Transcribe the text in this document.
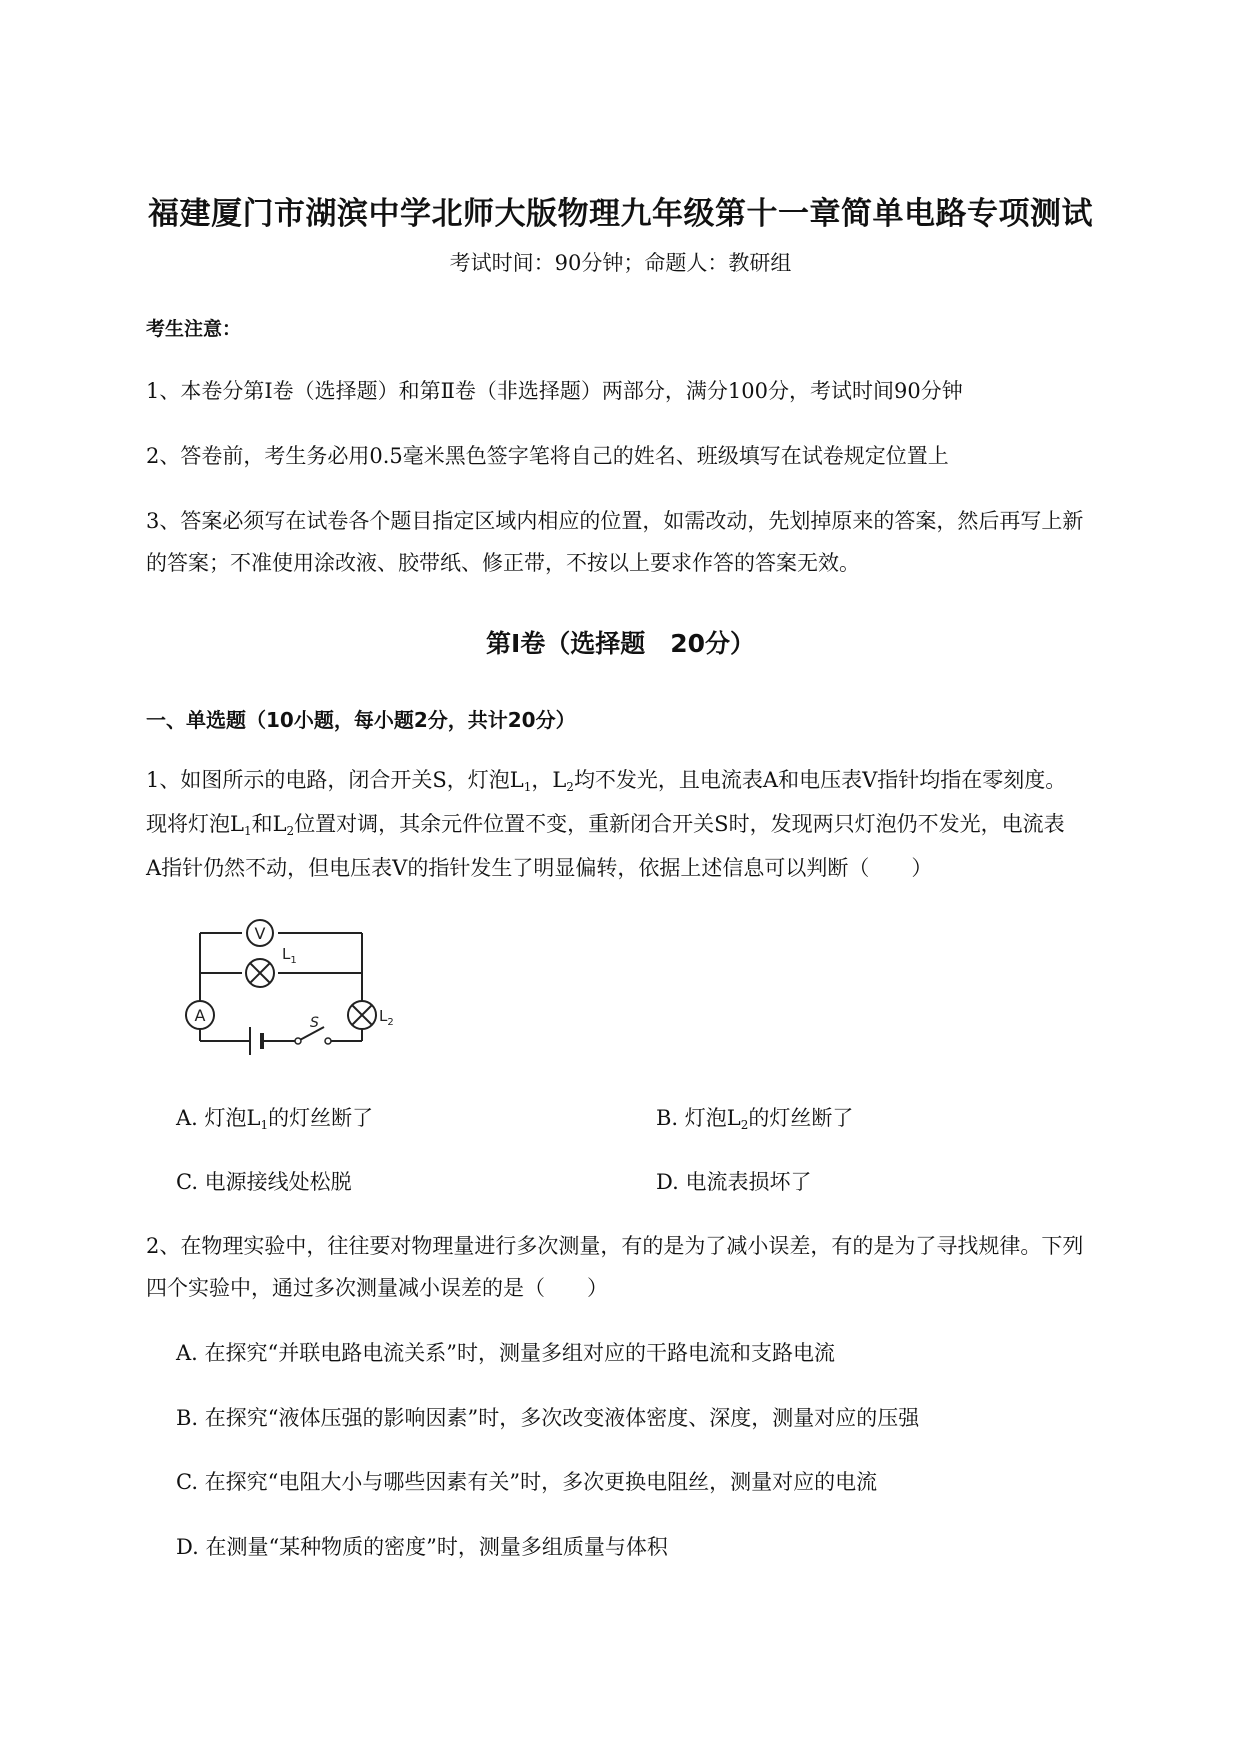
福建厦门市湖滨中学北师大版物理九年级第十一章简单电路专项测试
考试时间：90分钟；命题人：教研组
考生注意：
1、本卷分第Ⅰ卷（选择题）和第Ⅱ卷（非选择题）两部分，满分100分，考试时间90分钟
2、答卷前，考生务必用0.5毫米黑色签字笔将自己的姓名、班级填写在试卷规定位置上
3、答案必须写在试卷各个题目指定区域内相应的位置，如需改动，先划掉原来的答案，然后再写上新
的答案；不准使用涂改液、胶带纸、修正带，不按以上要求作答的答案无效。
第Ⅰ卷（选择题　20分）
一、单选题（10小题，每小题2分，共计20分）
1、如图所示的电路，闭合开关S，灯泡$L_1$，$L_2$均不发光，且电流表A和电压表V指针均指在零刻度。
现将灯泡$L_1$和$L_2$位置对调，其余元件位置不变，重新闭合开关S时，发现两只灯泡仍不发光，电流表
A指针仍然不动，但电压表V的指针发生了明显偏转，依据上述信息可以判断（　　）
V
$L_1$
A	$L_2$
S
A. 灯泡$L_1$的灯丝断了	B. 灯泡$L_2$的灯丝断了
C. 电源接线处松脱	D. 电流表损坏了
2、在物理实验中，往往要对物理量进行多次测量，有的是为了减小误差，有的是为了寻找规律。下列
四个实验中，通过多次测量减小误差的是（　　）
A. 在探究“并联电路电流关系”时，测量多组对应的干路电流和支路电流
B. 在探究“液体压强的影响因素”时，多次改变液体密度、深度，测量对应的压强
C. 在探究“电阻大小与哪些因素有关”时，多次更换电阻丝，测量对应的电流
D. 在测量“某种物质的密度”时，测量多组质量与体积
